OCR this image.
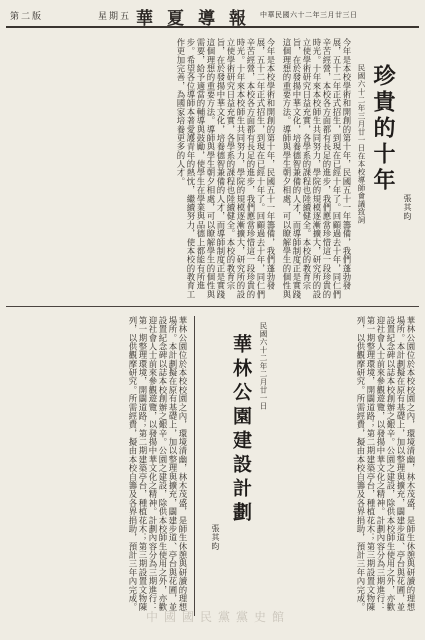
第二版	星期五 華夏導報 中華民國六十二年三月廿三日
今年是本校學術和開創的第十年，民國五十一年籌備，我們蓬勃發展，五十二年正式招生，到現在已經十年了。回顧過去十年，同仁們辛苦經營，本校各方面都有長足的進步，我們應當珍惜這一段珍貴的時光。十年來本校師生共同努力，學院的規模逐漸擴大，研究所的設立使學術研究日益充實，各學系的課程也陸續健全。本校的教育宗旨，在於發揚中華文化，培養德智兼備的人才，而導師制度正是實踐這個理想的重要方法。導師與學生朝夕相處，可以瞭解學生的個性與
珍貴的十年
民國六十二年三月廿一日在本校導師會議致詞	張其昀
今年是本校學術和開創的第十年，民國五十一年籌備，我們蓬勃發展，五十二年正式招生，到現在已經十年了。回顧過去十年，同仁們辛苦經營，本校各方面都有長足的進步，我們應當珍惜這一段珍貴的時光。十年來本校師生共同努力，學院的規模逐漸擴大，研究所的設立使學術研究日益充實，各學系的課程也陸續健全。本校的教育宗旨，在於發揚中華文化，培養德智兼備的人才，而導師制度正是實踐這個理想的重要方法。導師與學生朝夕相處，可以瞭解學生的個性與需要，給予適當的輔導與鼓勵，使學生在學業與品德上都能有所進步。希望各位導師本著愛護青年的熱忱，繼續努力，使本校的教育工作更加完善，為國家培養更多的人才。
華林公園位於本校校園之內，環境清幽，林木茂盛，是師生休憩與研讀的理想場所。本計劃擬在原有基礎上，加以整理與擴充，闢建步道、亭台與花圃，並設置紀念碑以誌本校創辦之艱辛。公園之建設，除供本校師生使用之外，亦歡迎社會人士前來參觀遊覽，以發揚中華文化之精神。計劃內容分為三期進行：第一期整理環境，開闢道路；第二期建築亭台，種植花木；第三期設置文物陳列，以供觀摩研究。所需經費，擬由本校自籌及各界捐助，預計三年內完成。
華林公園建設計劃
張其昀
民國六十二年二月廿一日
華林公園位於本校校園之內，環境清幽，林木茂盛，是師生休憩與研讀的理想場所。本計劃擬在原有基礎上，加以整理與擴充，闢建步道、亭台與花圃，並設置紀念碑以誌本校創辦之艱辛。公園之建設，除供本校師生使用之外，亦歡迎社會人士前來參觀遊覽，以發揚中華文化之精神。計劃內容分為三期進行：第一期整理環境，開闢道路；第二期建築亭台，種植花木；第三期設置文物陳列，以供觀摩研究。所需經費，擬由本校自籌及各界捐助，預計三年內完成。
中國國民黨黨史館
